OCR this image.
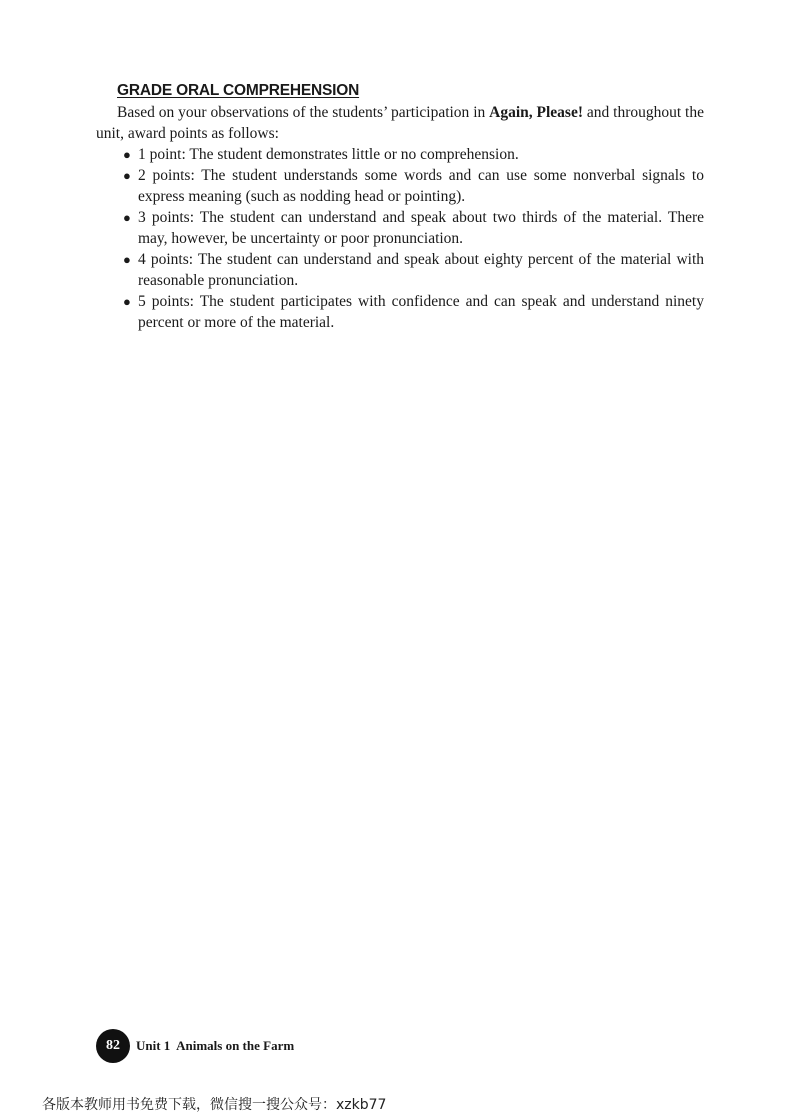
GRADE ORAL COMPREHENSION

Based on your observations of the students’ participation in Again, Please! and throughout the unit, award points as follows:

● 1 point: The student demonstrates little or no comprehension.
● 2 points: The student understands some words and can use some nonverbal signals to express meaning (such as nodding head or pointing).
● 3 points: The student can understand and speak about two thirds of the material. There may, however, be uncertainty or poor pronunciation.
● 4 points: The student can understand and speak about eighty percent of the material with reasonable pronunciation.
● 5 points: The student participates with confidence and can speak and understand ninety percent or more of the material.
82 Unit 1  Animals on the Farm
各版本教师用书免费下载，微信搜一搜公众号：xzkb77
